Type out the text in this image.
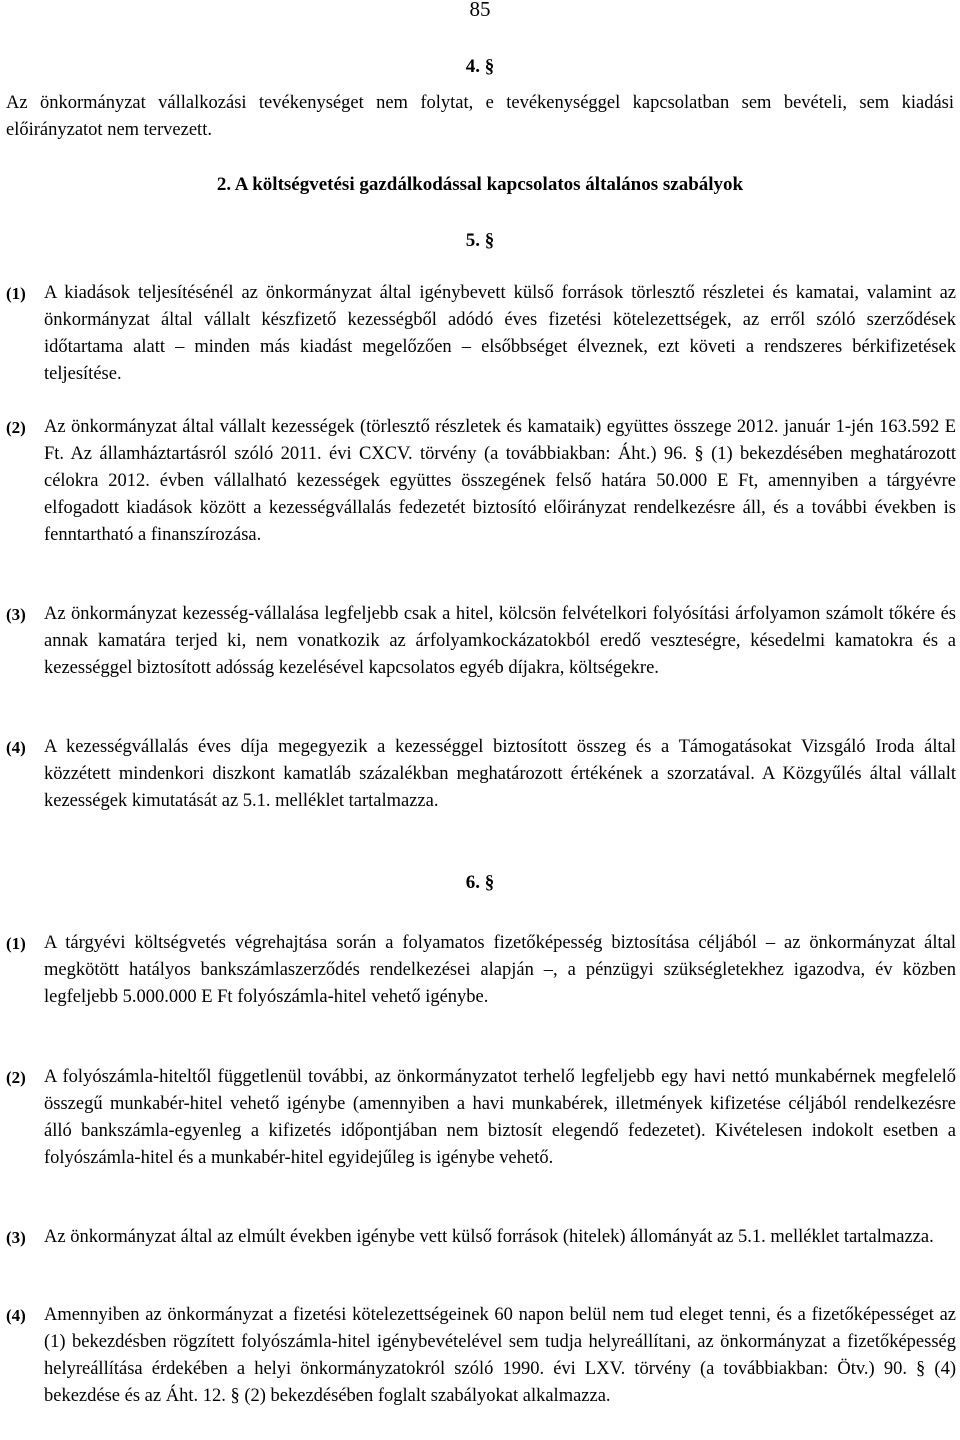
85
4. §

Az önkormányzat vállalkozási tevékenységet nem folytat, e tevékenységgel kapcsolatban sem bevételi, sem kiadási előirányzatot nem tervezett.

2. A költségvetési gazdálkodással kapcsolatos általános szabályok
5. §
(1) A kiadások teljesítésénél az önkormányzat által igénybevett külső források törlesztő részletei és kamatai, valamint az önkormányzat által vállalt készfizető kezességből adódó éves fizetési kötelezettségek, az erről szóló szerződések időtartama alatt – minden más kiadást megelőzően – elsőbbséget élveznek, ezt követi a rendszeres bérkifizetések teljesítése.

(2) Az önkormányzat által vállalt kezességek (törlesztő részletek és kamataik) együttes összege 2012. január 1-jén 163.592 E Ft. Az államháztartásról szóló 2011. évi CXCV. törvény (a továbbiakban: Áht.) 96. § (1) bekezdésében meghatározott célokra 2012. évben vállalható kezességek együttes összegének felső határa 50.000 E Ft, amennyiben a tárgyévre elfogadott kiadások között a kezességvállalás fedezetét biztosító előirányzat rendelkezésre áll, és a további években is fenntartható a finanszírozása.

(3) Az önkormányzat kezesség-vállalása legfeljebb csak a hitel, kölcsön felvételkori folyósítási árfolyamon számolt tőkére és annak kamatára terjed ki, nem vonatkozik az árfolyamkockázatokból eredő veszteségre, késedelmi kamatokra és a kezességgel biztosított adósság kezelésével kapcsolatos egyéb díjakra, költségekre.

(4) A kezességvállalás éves díja megegyezik a kezességgel biztosított összeg és a Támogatásokat Vizsgáló Iroda által közzétett mindenkori diszkont kamatláb százalékban meghatározott értékének a szorzatával. A Közgyűlés által vállalt kezességek kimutatását az 5.1. melléklet tartalmazza.

6. §
(1) A tárgyévi költségvetés végrehajtása során a folyamatos fizetőképesség biztosítása céljából – az önkormányzat által megkötött hatályos bankszámlaszerződés rendelkezései alapján –, a pénzügyi szükségletekhez igazodva, év közben legfeljebb 5.000.000 E Ft folyószámla-hitel vehető igénybe.

(2) A folyószámla-hiteltől függetlenül további, az önkormányzatot terhelő legfeljebb egy havi nettó munkabérnek megfelelő összegű munkabér-hitel vehető igénybe (amennyiben a havi munkabérek, illetmények kifizetése céljából rendelkezésre álló bankszámla-egyenleg a kifizetés időpontjában nem biztosít elegendő fedezetet). Kivételesen indokolt esetben a folyószámla-hitel és a munkabér-hitel egyidejűleg is igénybe vehető.

(3) Az önkormányzat által az elmúlt években igénybe vett külső források (hitelek) állományát az 5.1. melléklet tartalmazza.

(4) Amennyiben az önkormányzat a fizetési kötelezettségeinek 60 napon belül nem tud eleget tenni, és a fizetőképességet az (1) bekezdésben rögzített folyószámla-hitel igénybevételével sem tudja helyreállítani, az önkormányzat a fizetőképesség helyreállítása érdekében a helyi önkormányzatokról szóló 1990. évi LXV. törvény (a továbbiakban: Ötv.) 90. § (4) bekezdése és az Áht. 12. § (2) bekezdésében foglalt szabályokat alkalmazza.
